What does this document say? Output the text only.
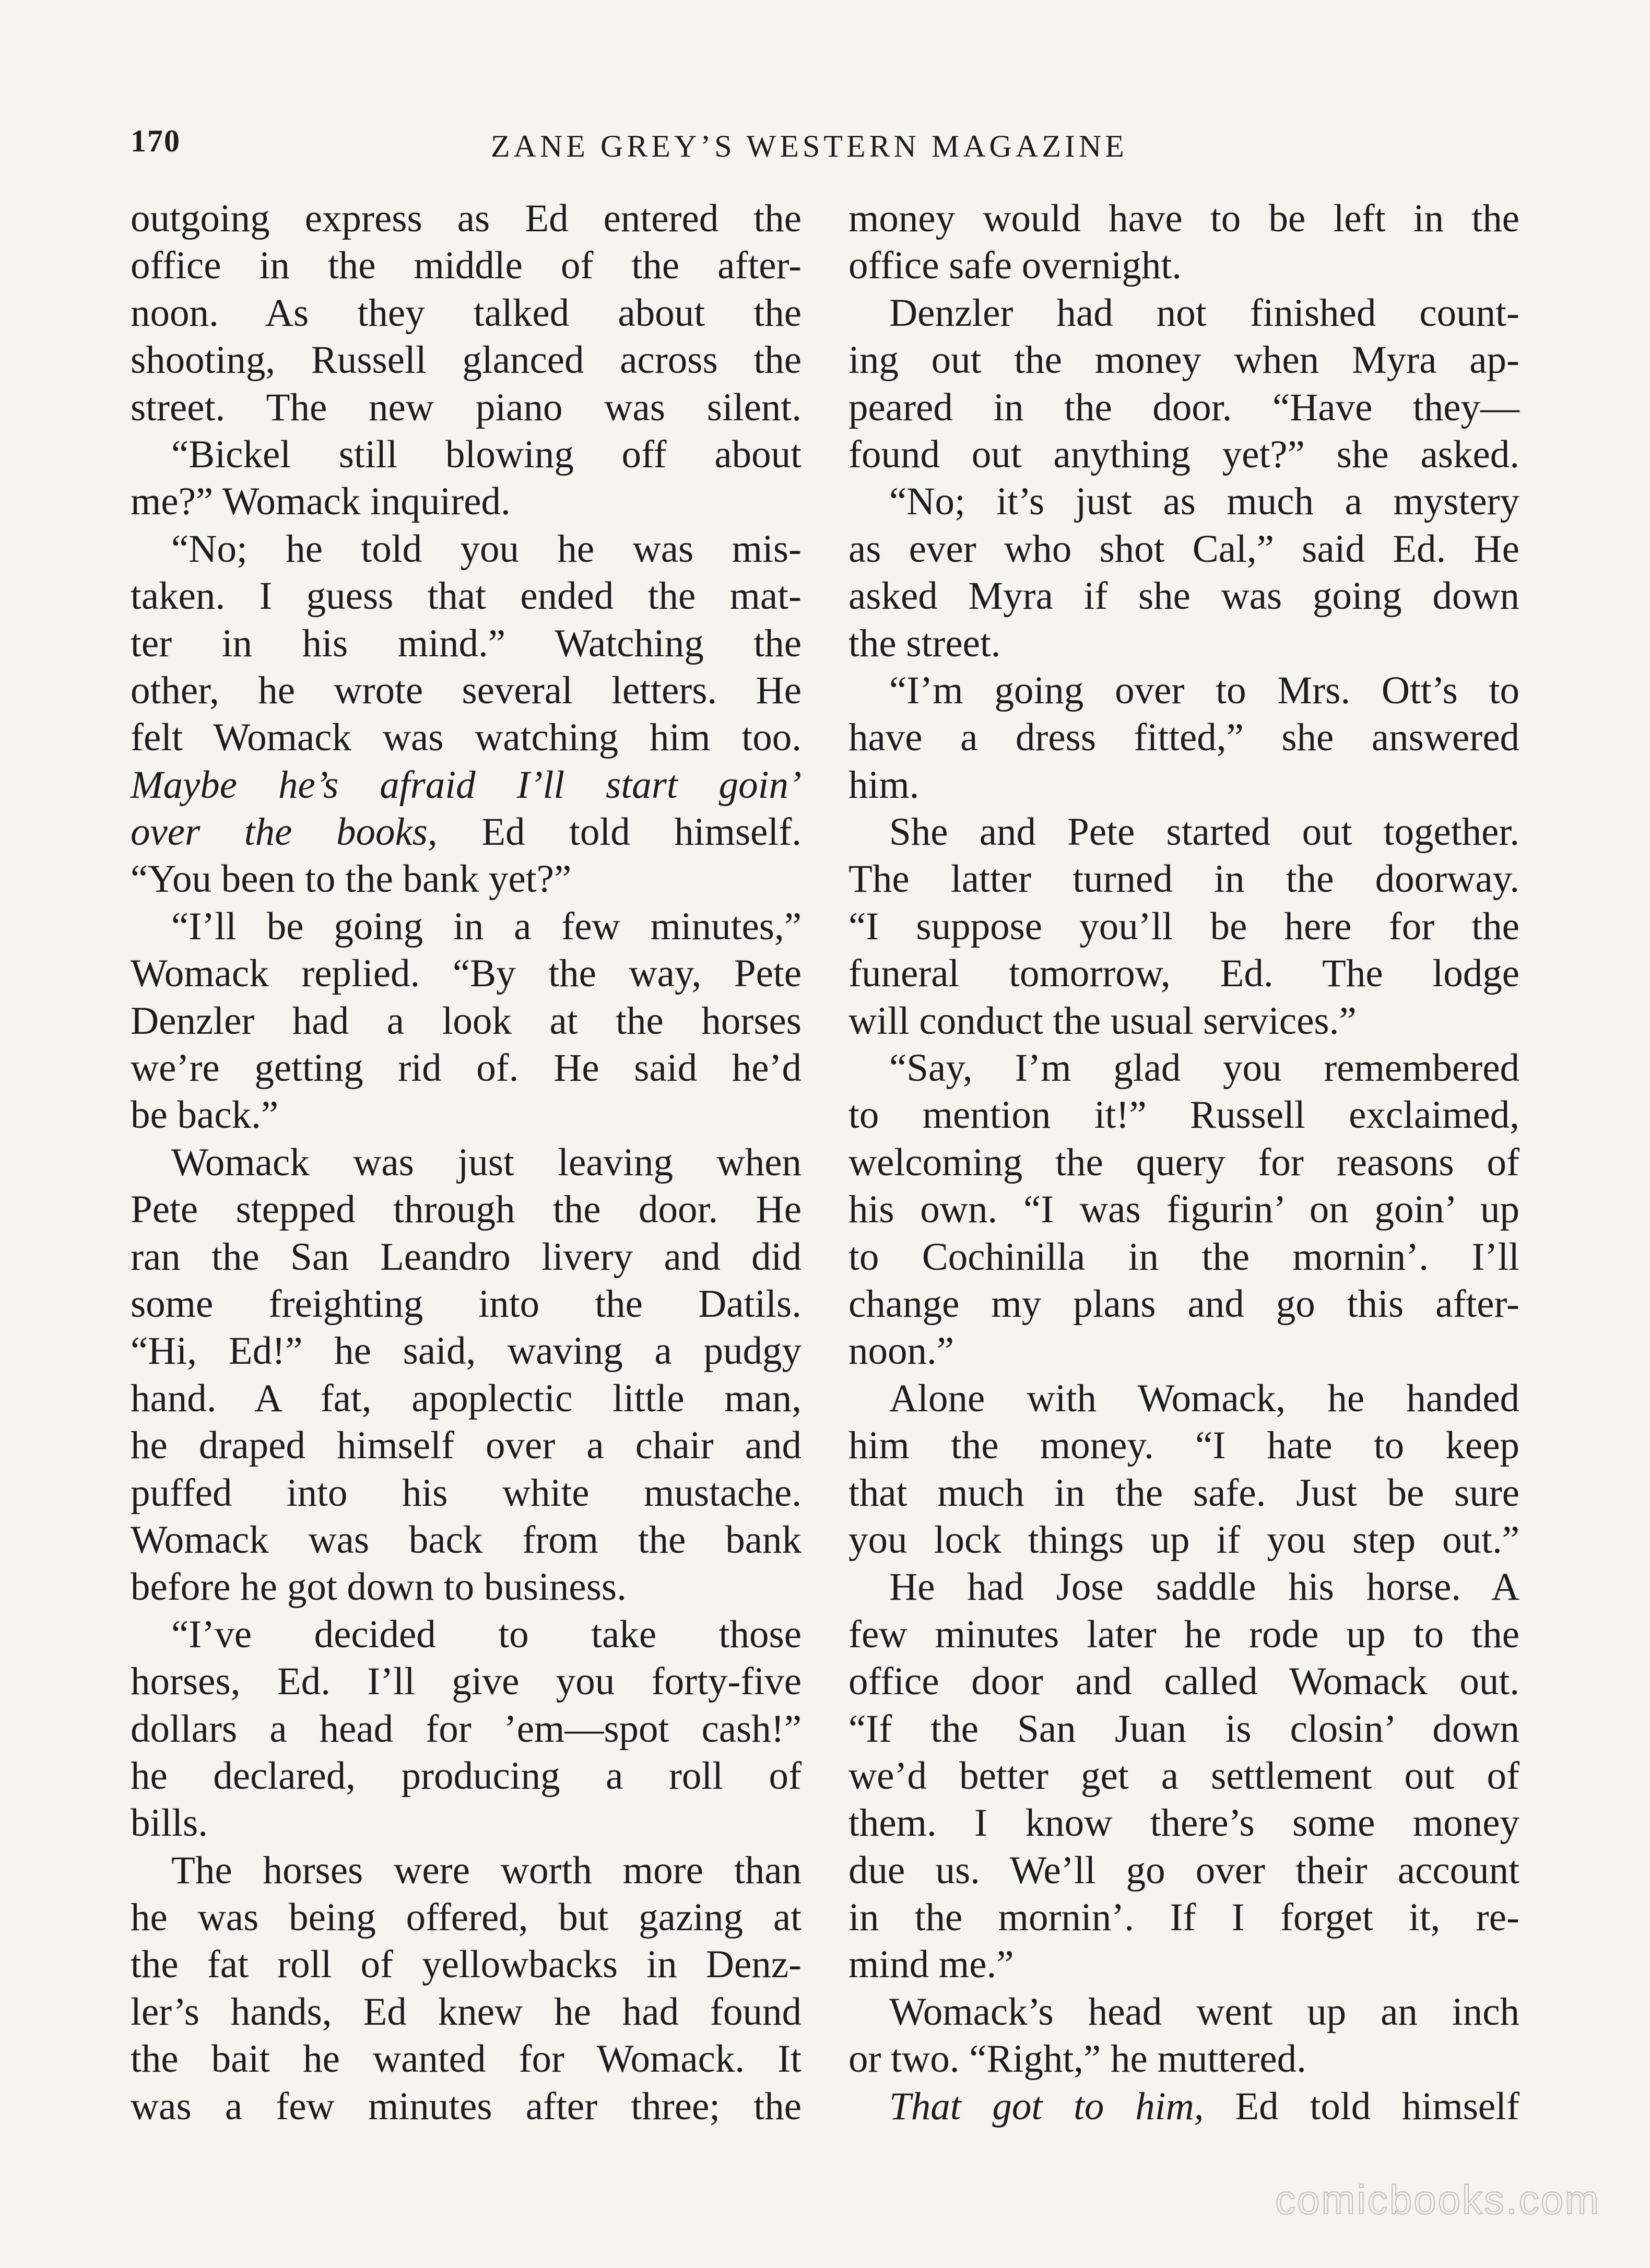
170	ZANE GREY’S WESTERN MAGAZINE
outgoing express as Ed entered the
office in the middle of the after-
noon. As they talked about the
shooting, Russell glanced across the
street. The new piano was silent.
“Bickel still blowing off about
me?” Womack inquired.
“No; he told you he was mis-
taken. I guess that ended the mat-
ter in his mind.” Watching the
other, he wrote several letters. He
felt Womack was watching him too.
Maybe he’s afraid I’ll start goin’
over the books, Ed told himself.
“You been to the bank yet?”
“I’ll be going in a few minutes,”
Womack replied. “By the way, Pete
Denzler had a look at the horses
we’re getting rid of. He said he’d
be back.”
Womack was just leaving when
Pete stepped through the door. He
ran the San Leandro livery and did
some freighting into the Datils.
“Hi, Ed!” he said, waving a pudgy
hand. A fat, apoplectic little man,
he draped himself over a chair and
puffed into his white mustache.
Womack was back from the bank
before he got down to business.
“I’ve decided to take those
horses, Ed. I’ll give you forty-five
dollars a head for ’em—spot cash!”
he declared, producing a roll of
bills.
The horses were worth more than
he was being offered, but gazing at
the fat roll of yellowbacks in Denz-
ler’s hands, Ed knew he had found
the bait he wanted for Womack. It
was a few minutes after three; the
money would have to be left in the
office safe overnight.
Denzler had not finished count-
ing out the money when Myra ap-
peared in the door. “Have they—
found out anything yet?” she asked.
“No; it’s just as much a mystery
as ever who shot Cal,” said Ed. He
asked Myra if she was going down
the street.
“I’m going over to Mrs. Ott’s to
have a dress fitted,” she answered
him.
She and Pete started out together.
The latter turned in the doorway.
“I suppose you’ll be here for the
funeral tomorrow, Ed. The lodge
will conduct the usual services.”
“Say, I’m glad you remembered
to mention it!” Russell exclaimed,
welcoming the query for reasons of
his own. “I was figurin’ on goin’ up
to Cochinilla in the mornin’. I’ll
change my plans and go this after-
noon.”
Alone with Womack, he handed
him the money. “I hate to keep
that much in the safe. Just be sure
you lock things up if you step out.”
He had Jose saddle his horse. A
few minutes later he rode up to the
office door and called Womack out.
“If the San Juan is closin’ down
we’d better get a settlement out of
them. I know there’s some money
due us. We’ll go over their account
in the mornin’. If I forget it, re-
mind me.”
Womack’s head went up an inch
or two. “Right,” he muttered.
That got to him, Ed told himself
comicbooks.com
